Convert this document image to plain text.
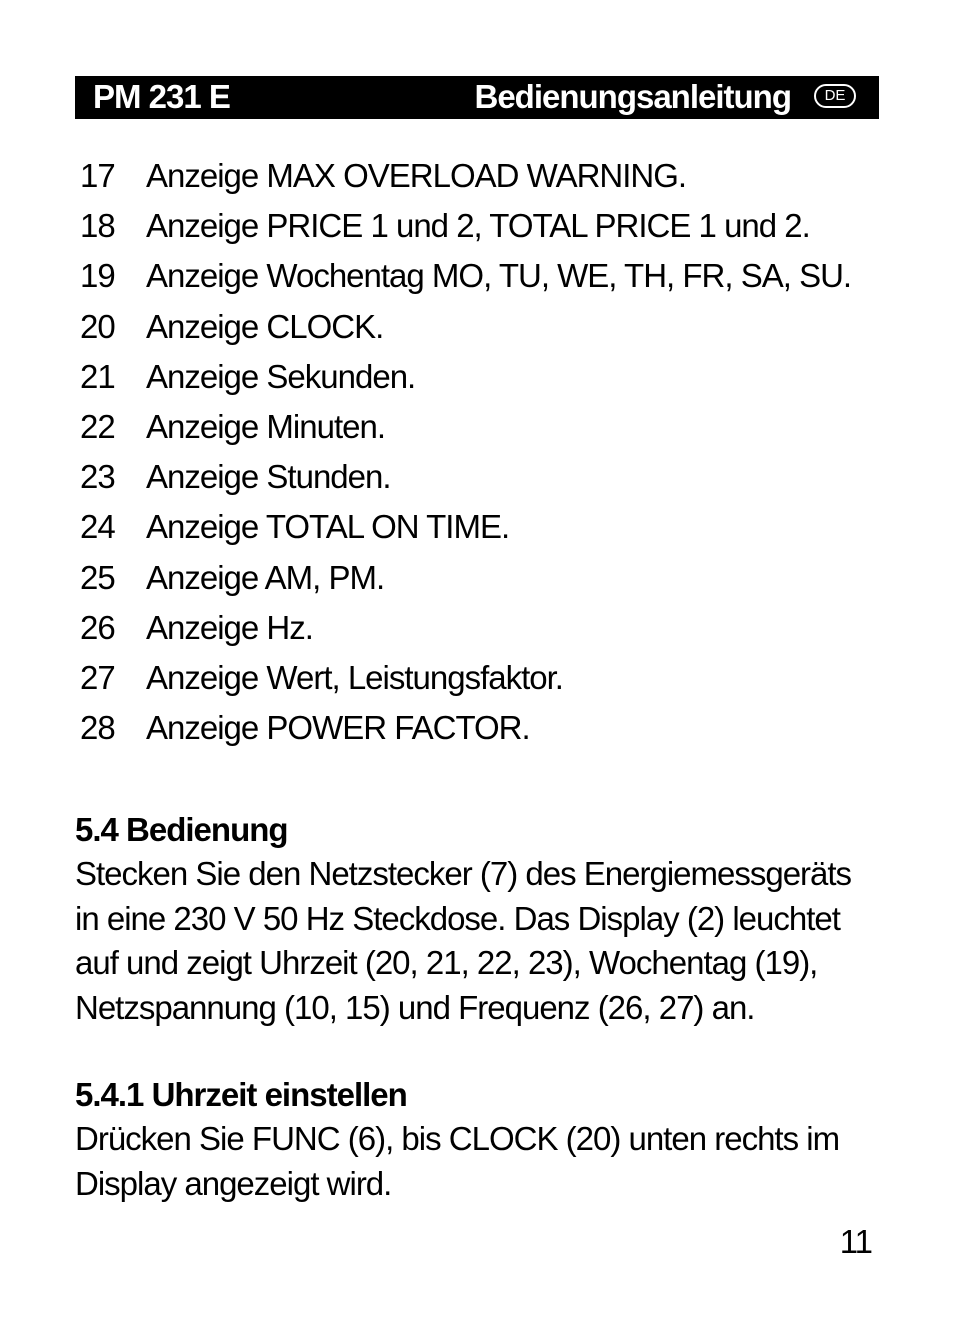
PM 231 E	Bedienungsanleitung	DE
17 Anzeige MAX OVERLOAD WARNING.
18 Anzeige PRICE 1 und 2, TOTAL PRICE 1 und 2.
19 Anzeige Wochentag MO, TU, WE, TH, FR, SA, SU.
20 Anzeige CLOCK.
21 Anzeige Sekunden.
22 Anzeige Minuten.
23 Anzeige Stunden.
24 Anzeige TOTAL ON TIME.
25 Anzeige AM, PM.
26 Anzeige Hz.
27 Anzeige Wert, Leistungsfaktor.
28 Anzeige POWER FACTOR.
5.4 Bedienung

Stecken Sie den Netzstecker (7) des Energiemessgeräts

in eine 230 V 50 Hz Steckdose. Das Display (2) leuchtet

auf und zeigt Uhrzeit (20, 21, 22, 23), Wochentag (19),

Netzspannung (10, 15) und Frequenz (26, 27) an.

5.4.1 Uhrzeit einstellen

Drücken Sie FUNC (6), bis CLOCK (20) unten rechts im

Display angezeigt wird.

11
